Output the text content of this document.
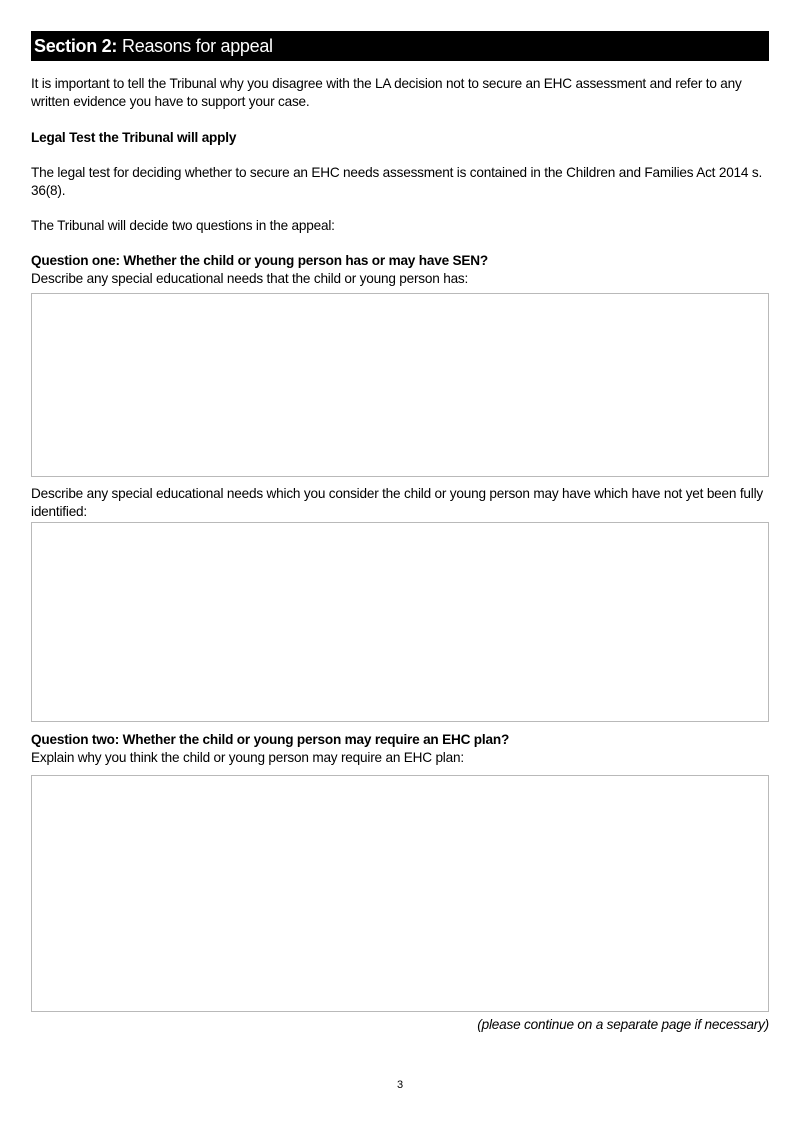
Section 2: Reasons for appeal

It is important to tell the Tribunal why you disagree with the LA decision not to secure an EHC assessment and refer to any written evidence you have to support your case.

Legal Test the Tribunal will apply

The legal test for deciding whether to secure an EHC needs assessment is contained in the Children and Families Act 2014 s. 36(8).

The Tribunal will decide two questions in the appeal:

Question one: Whether the child or young person has or may have SEN?

Describe any special educational needs that the child or young person has:

Describe any special educational needs which you consider the child or young person may have which have not yet been fully identified:

Question two: Whether the child or young person may require an EHC plan?

Explain why you think the child or young person may require an EHC plan:

(please continue on a separate page if necessary)
3
